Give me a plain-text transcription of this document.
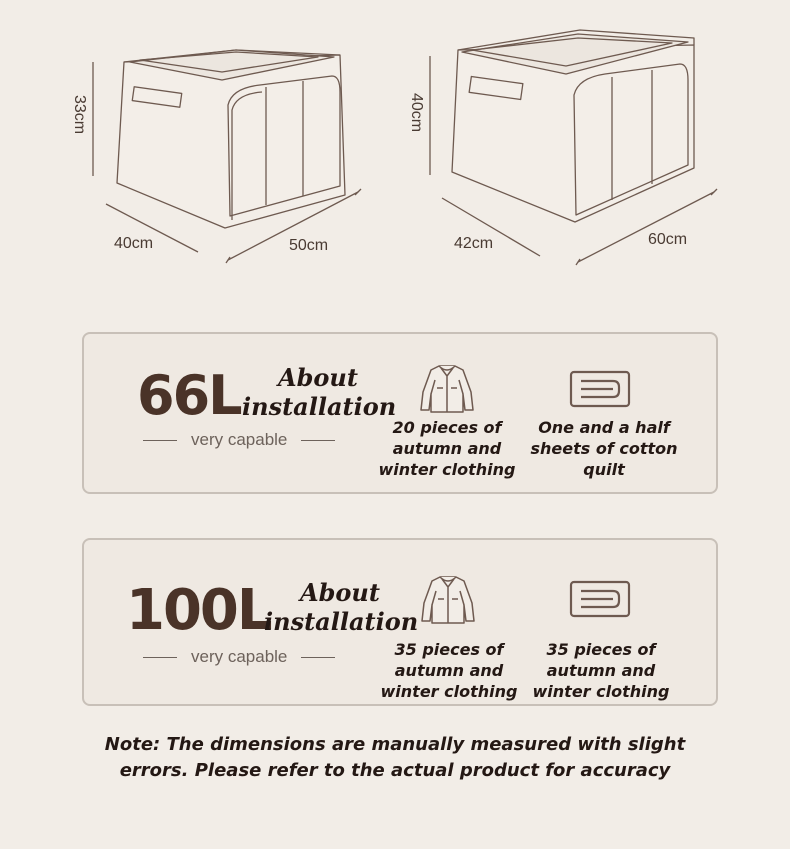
33cm
40cm	50cm
40cm
42cm	60cm
66L	About
installation
very capable
20 pieces of autumn and winter clothing
One and a half sheets of cotton quilt
100L	About
installation
very capable	35 pieces of autumn and winter clothing
35 pieces of autumn and winter clothing
Note: The dimensions are manually measured with slight
errors. Please refer to the actual product for accuracy
